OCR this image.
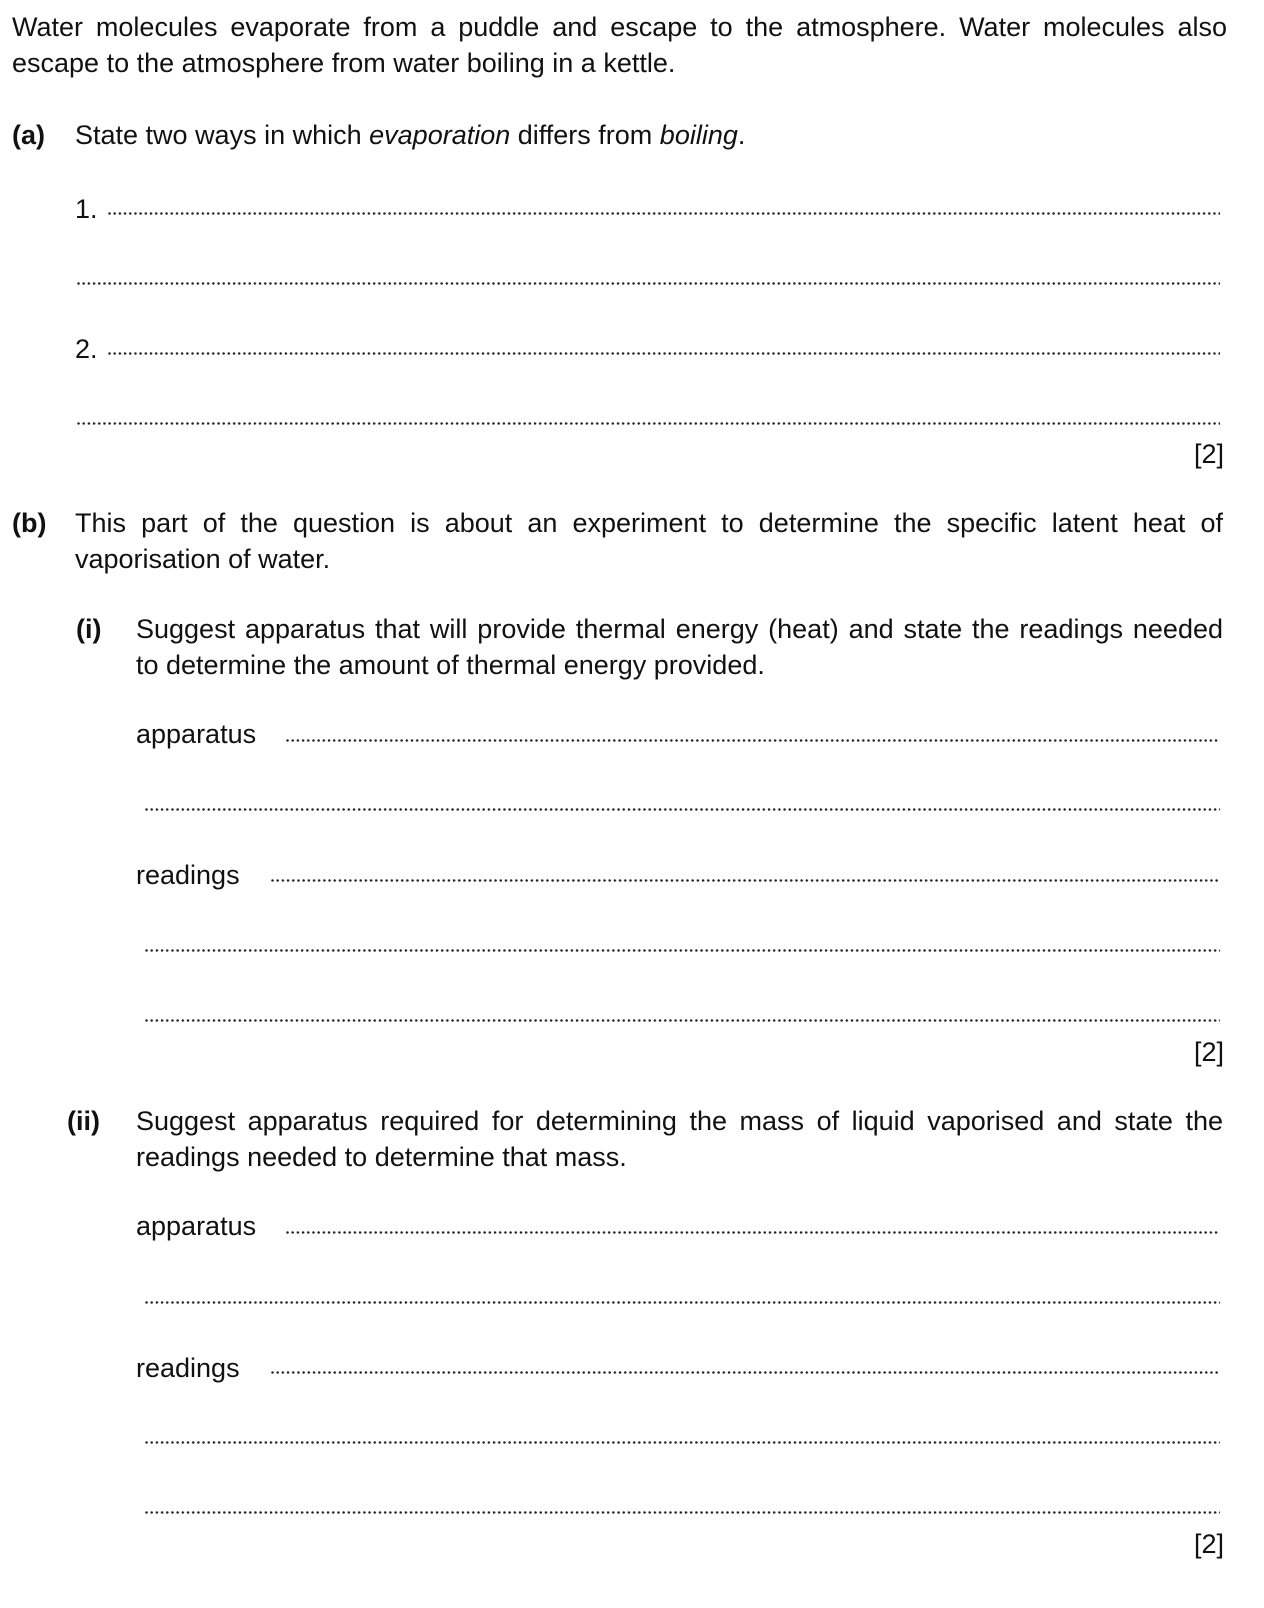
Water molecules evaporate from a puddle and escape to the atmosphere. Water molecules also escape to the atmosphere from water boiling in a kettle.
(a) State two ways in which evaporation differs from boiling.
1.
2.
[2]
(b) This part of the question is about an experiment to determine the specific latent heat of vaporisation of water.
(i) Suggest apparatus that will provide thermal energy (heat) and state the readings needed to determine the amount of thermal energy provided.
apparatus
readings
[2]
(ii) Suggest apparatus required for determining the mass of liquid vaporised and state the readings needed to determine that mass.
apparatus
readings
[2]
